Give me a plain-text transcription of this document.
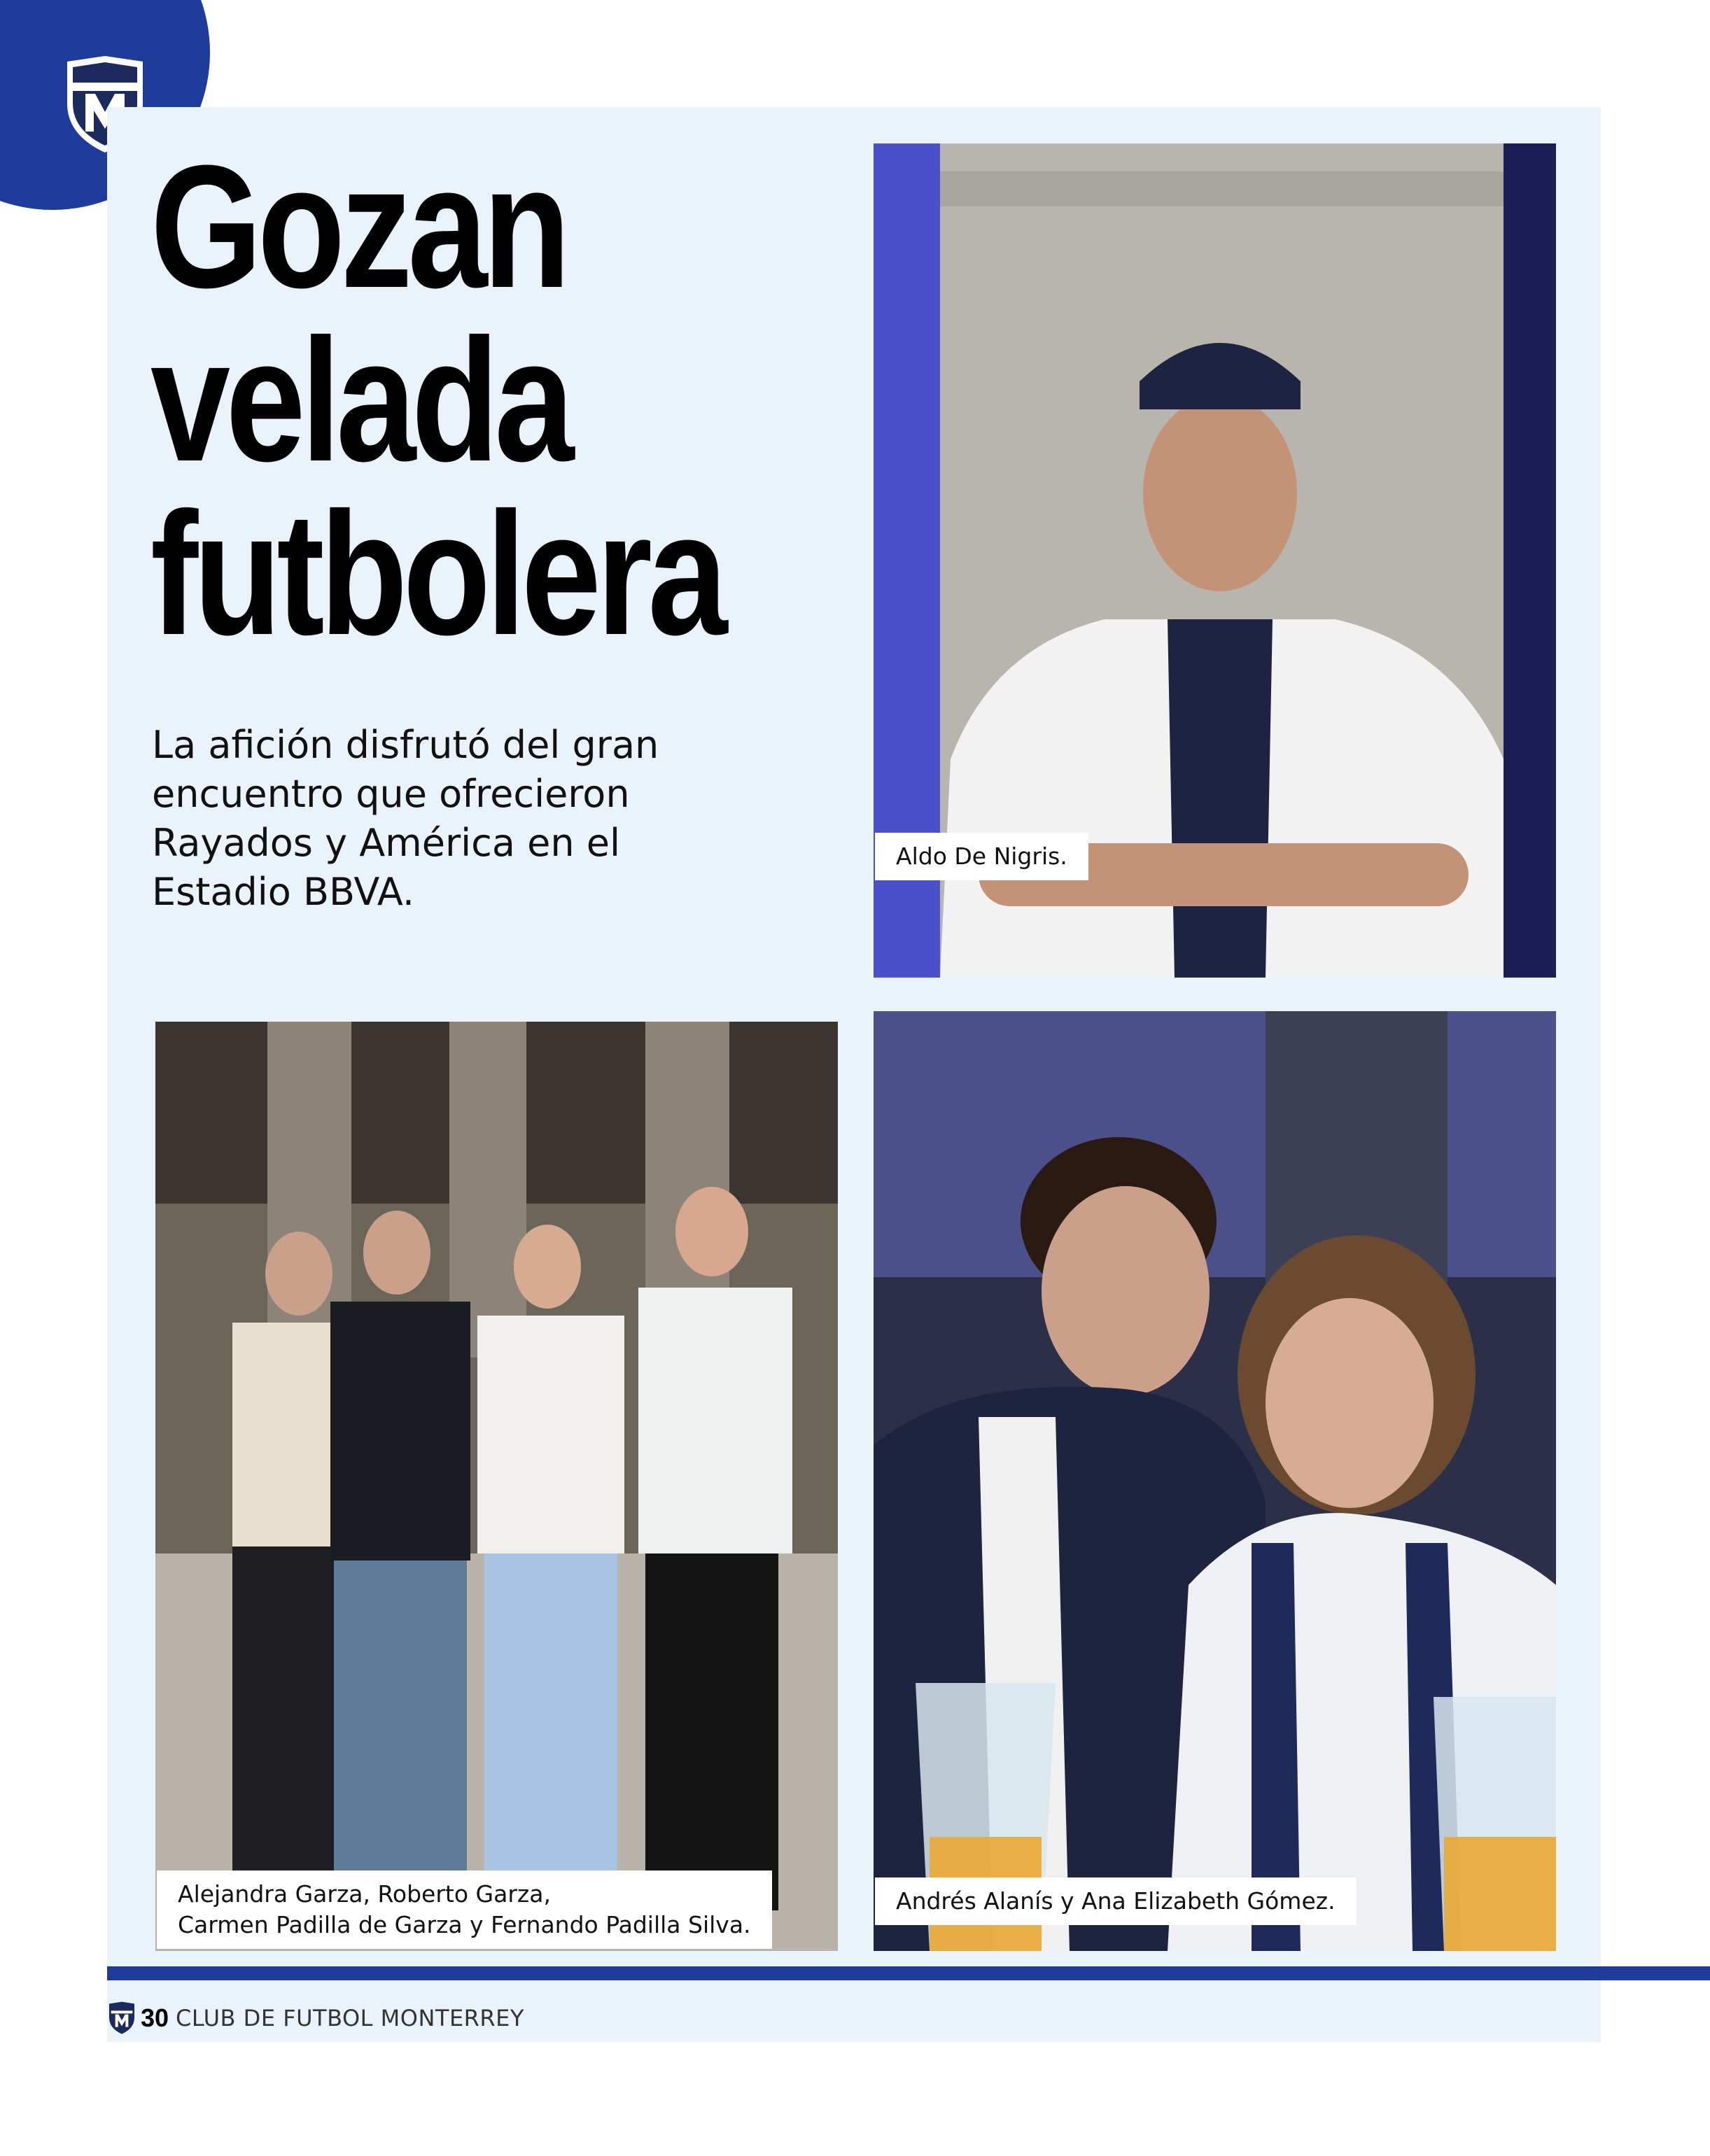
Gozan
velada
futbolera

La afición disfrutó del gran encuentro que ofrecieron Rayados y América en el Estadio BBVA.

Aldo De Nigris.
Alejandra Garza, Roberto Garza,
Carmen Padilla de Garza y Fernando Padilla Silva.
Andrés Alanís y Ana Elizabeth Gómez.
30 CLUB DE FUTBOL MONTERREY
